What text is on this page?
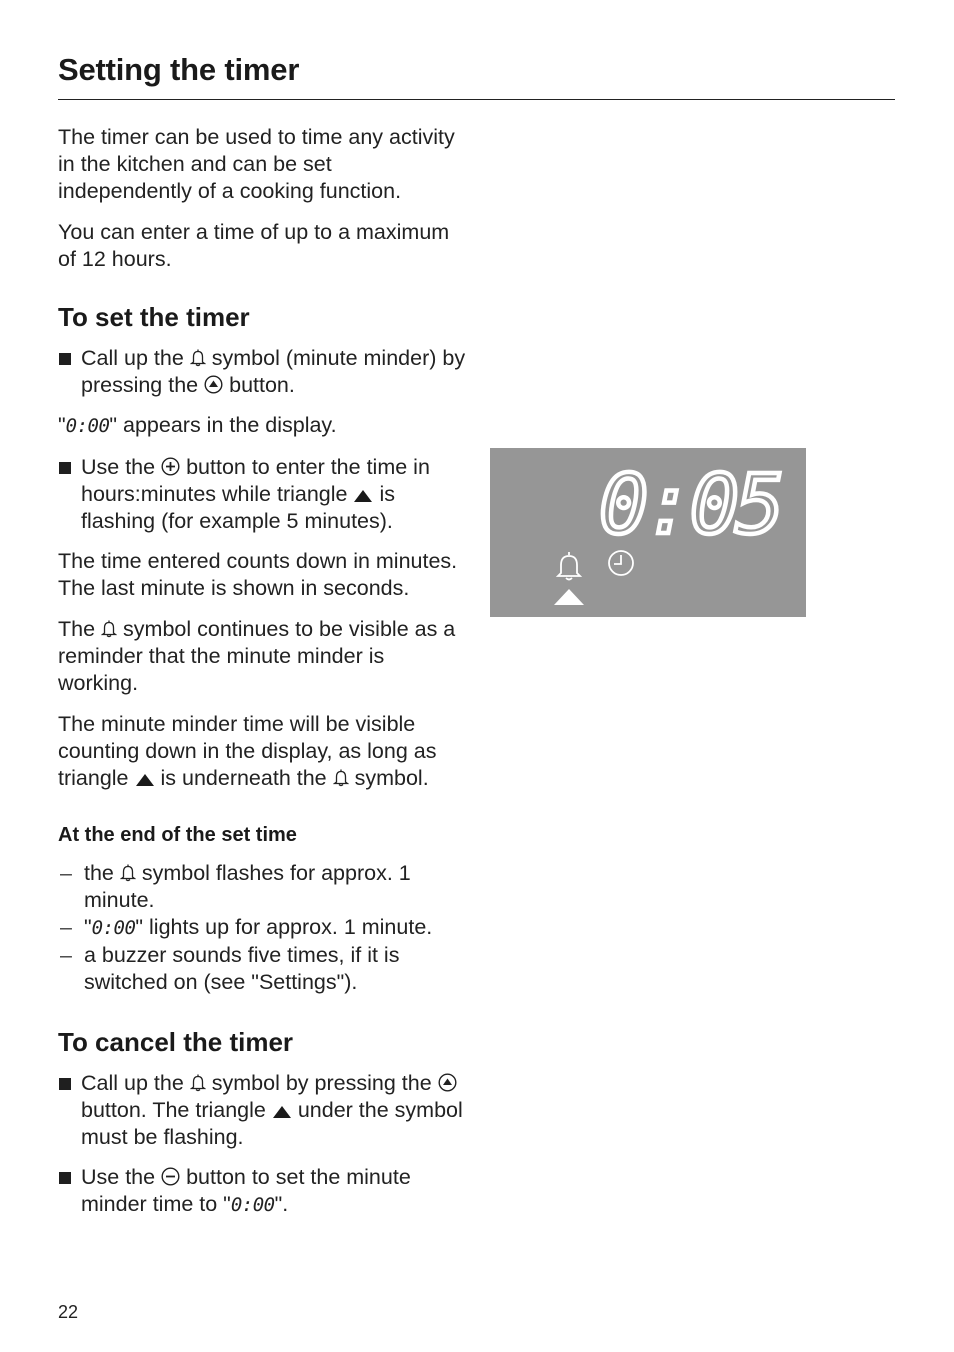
Setting the timer

The timer can be used to time any activity in the kitchen and can be set independently of a cooking function.

You can enter a time of up to a maximum of 12 hours.

To set the timer
Call up the symbol (minute minder) by pressing the button.

"0:00" appears in the display.

Use the button to enter the time in hours:minutes while triangle is flashing (for example 5 minutes).

The time entered counts down in minutes. The last minute is shown in seconds.

The symbol continues to be visible as a reminder that the minute minder is working.

The minute minder time will be visible counting down in the display, as long as triangle is underneath the symbol.

At the end of the set time
– the symbol flashes for approx. 1 minute.
– "0:00" lights up for approx. 1 minute.
– a buzzer sounds five times, if it is switched on (see "Settings").
To cancel the timer
Call up the symbol by pressing the  button. The triangle under the symbol must be flashing.
Use the button to set the minute minder time to "0:00".
22
0:05
